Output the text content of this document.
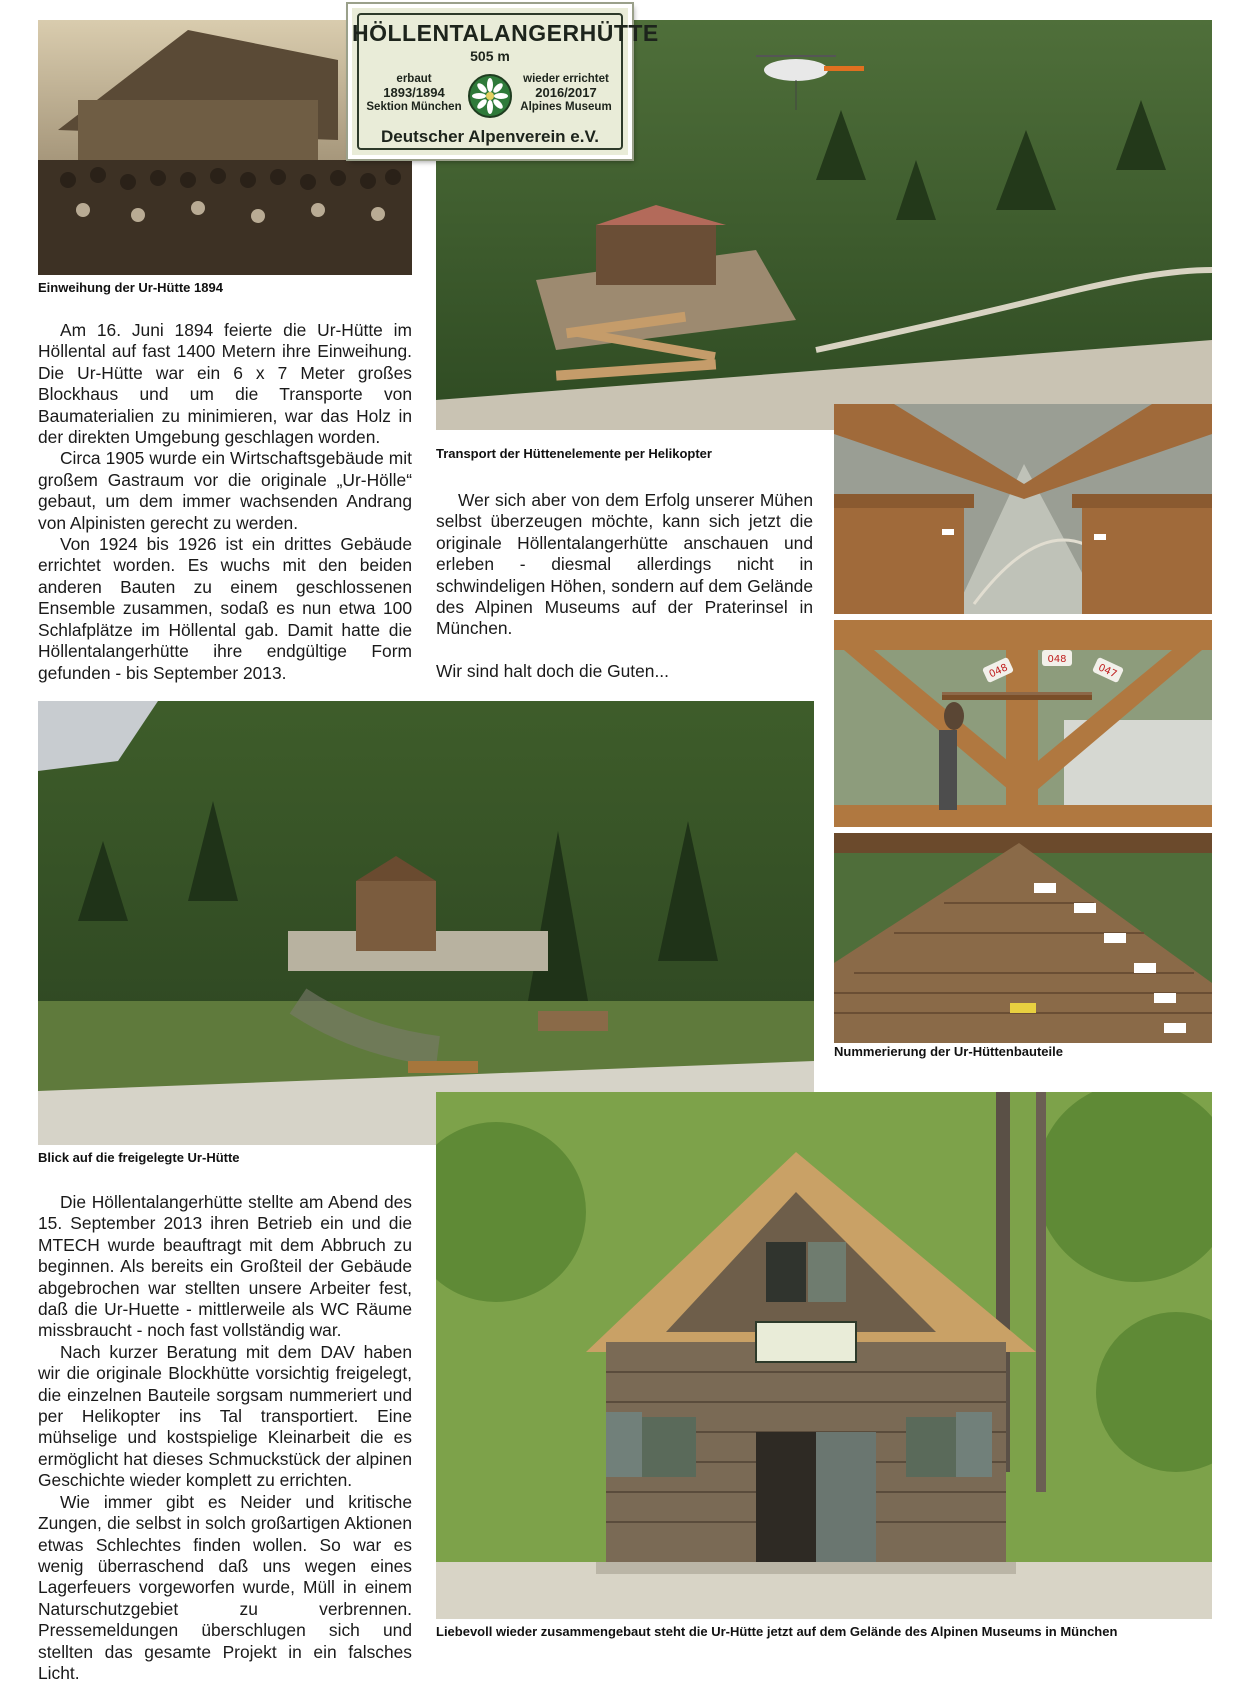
Einweihung der Ur-Hütte 1894
HÖLLENTALANGERHÜTTE
505 m
erbaut
1893/1894
Sektion München
wieder errichtet
2016/2017
Alpines Museum
Deutscher Alpenverein e.V.
Transport der Hüttenelemente per Helikopter

Am 16. Juni 1894 feierte die Ur-Hütte im Höllental auf fast 1400 Metern ihre Einweihung. Die Ur-Hütte war ein 6 x 7 Meter großes Blockhaus und um die Transporte von Baumaterialien zu minimieren, war das Holz in der direkten Umgebung geschlagen worden.

Circa 1905 wurde ein Wirtschaftsgebäude mit großem Gastraum vor die originale „Ur-Hölle“ gebaut, um dem immer wachsenden Andrang von Alpinisten gerecht zu werden.

Von 1924 bis 1926 ist ein drittes Gebäude errichtet worden. Es wuchs mit den beiden anderen Bauten zu einem geschlossenen Ensemble zusammen, sodaß es nun etwa 100 Schlafplätze im Höllental gab. Damit hatte die Höllentalangerhütte ihre endgültige Form gefunden - bis September 2013.

Wer sich aber von dem Erfolg unserer Mühen selbst überzeugen möchte, kann sich jetzt die originale Höllentalangerhütte anschauen und erleben - diesmal allerdings nicht in schwindeligen Höhen, sondern auf dem Gelände des Alpinen Museums auf der Praterinsel in München.

Wir sind halt doch die Guten...	048
048
047
Nummerierung der Ur-Hüttenbauteile
Blick auf die freigelegte Ur-Hütte

Die Höllentalangerhütte stellte am Abend des 15. September 2013 ihren Betrieb ein und die MTECH wurde beauftragt mit dem Abbruch zu beginnen. Als bereits ein Großteil der Gebäude abgebrochen war stellten unsere Arbeiter fest, daß die Ur-Huette - mittlerweile als WC Räume missbraucht - noch fast vollständig war.

Nach kurzer Beratung mit dem DAV haben wir die originale Blockhütte vorsichtig freigelegt, die einzelnen Bauteile sorgsam nummeriert und per Helikopter ins Tal transportiert. Eine mühselige und kostspielige Kleinarbeit die es ermöglicht hat dieses Schmuckstück der alpinen Geschichte wieder komplett zu errichten.

Wie immer gibt es Neider und kritische Zungen, die selbst in solch großartigen Aktionen etwas Schlechtes finden wollen. So war es wenig überraschend daß uns wegen eines Lagerfeuers vorgeworfen wurde, Müll in einem Naturschutzgebiet zu verbrennen. Pressemeldungen überschlugen sich und stellten das gesamte Projekt in ein falsches Licht.

Liebevoll wieder zusammengebaut steht die Ur-Hütte jetzt auf dem Gelände des Alpinen Museums in München
